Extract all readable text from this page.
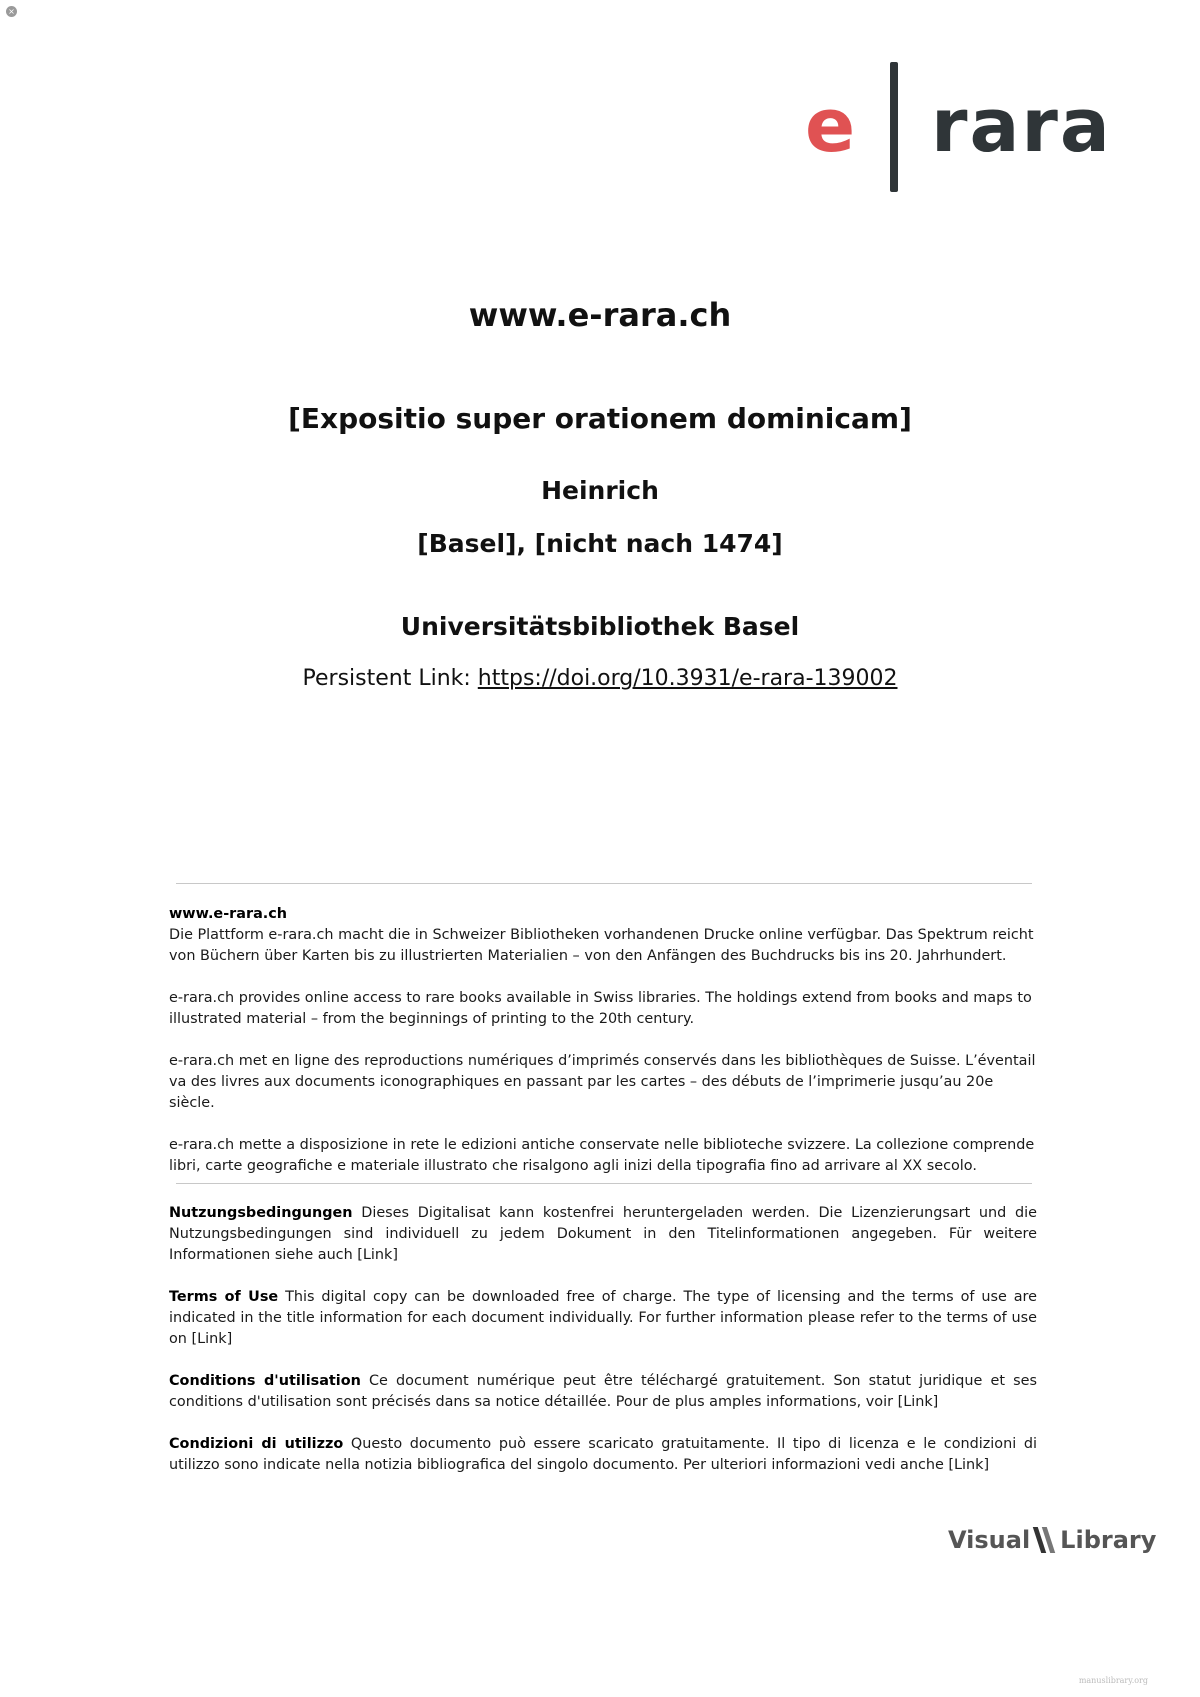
×
e rara
www.e-rara.ch
[Expositio super orationem dominicam]
Heinrich
[Basel], [nicht nach 1474]
Universitätsbibliothek Basel
Persistent Link: https://doi.org/10.3931/e-rara-139002

www.e-rara.ch

Die Plattform e-rara.ch macht die in Schweizer Bibliotheken vorhandenen Drucke online verfügbar. Das Spektrum reicht von Büchern über Karten bis zu illustrierten Materialien – von den Anfängen des Buchdrucks bis ins 20. Jahrhundert.

e-rara.ch provides online access to rare books available in Swiss libraries. The holdings extend from books and maps to illustrated material – from the beginnings of printing to the 20th century.

e-rara.ch met en ligne des reproductions numériques d’imprimés conservés dans les bibliothèques de Suisse. L’éventail va des livres aux documents iconographiques en passant par les cartes – des débuts de l’imprimerie jusqu’au 20e siècle.

e-rara.ch mette a disposizione in rete le edizioni antiche conservate nelle biblioteche svizzere. La collezione comprende libri, carte geografiche e materiale illustrato che risalgono agli inizi della tipografia fino ad arrivare al XX secolo.

Nutzungsbedingungen Dieses Digitalisat kann kostenfrei heruntergeladen werden. Die Lizenzierungsart und die Nutzungsbedingungen sind individuell zu jedem Dokument in den Titelinformationen angegeben. Für weitere Informationen siehe auch [Link]

Terms of Use This digital copy can be downloaded free of charge. The type of licensing and the terms of use are indicated in the title information for each document individually. For further information please refer to the terms of use on [Link]

Conditions d'utilisation Ce document numérique peut être téléchargé gratuitement. Son statut juridique et ses conditions d'utilisation sont précisés dans sa notice détaillée. Pour de plus amples informations, voir [Link]

Condizioni di utilizzo Questo documento può essere scaricato gratuitamente. Il tipo di licenza e le condizioni di utilizzo sono indicate nella notizia bibliografica del singolo documento. Per ulteriori informazioni vedi anche [Link]

Visual Library
manuslibrary.org
